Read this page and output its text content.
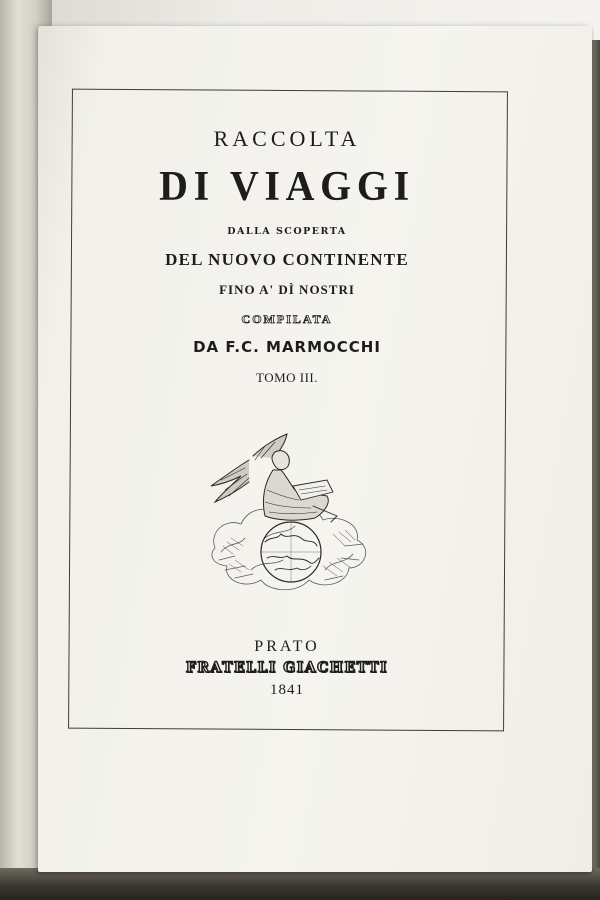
RACCOLTA
DI VIAGGI
DALLA SCOPERTA
DEL NUOVO CONTINENTE
FINO A' DÌ NOSTRI
COMPILATA
DA F.C. MARMOCCHI
TOMO III.
PRATO
FRATELLI GIACHETTI
1841
